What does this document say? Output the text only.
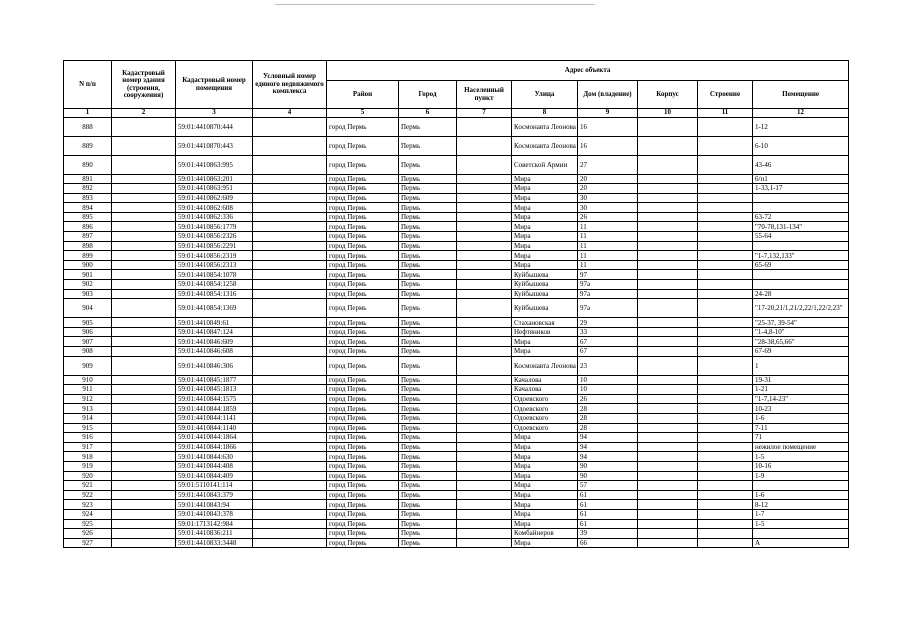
N п/п	Кадастровый номер здания (строения, сооружения)	Кадастровый номер помещения	Условный номер единого недвижимого комплекса	Адрес объекта							
				Район	Город	Населенный пункт	Улица	Дом (владение)	Корпус	Строение	Помещение
1	2	3	4	5	6	7	8	9	10	11	12
888		59:01:4410870:444		город Пермь	Пермь		Космонавта Леонова	16			1-12
889		59:01:4410870:443		город Пермь	Пермь		Космонавта Леонова	16			6-10
890		59:01:4410863:995		город Пермь	Пермь		Советской Армии	27			43-46
891		59:01:4410863:201		город Пермь	Пермь		Мира	20			6/п1
892		59:01:4410863:951		город Пермь	Пермь		Мира	20			1-33,1-17
893		59:01:4410862:609		город Пермь	Пермь		Мира	30			
894		59:01:4410862:608		город Пермь	Пермь		Мира	30			
895		59:01:4410862:336		город Пермь	Пермь		Мира	26			63-72
896		59:01:4410856:1779		город Пермь	Пермь		Мира	11			"70-78,131-134"
897		59:01:4410856:2326		город Пермь	Пермь		Мира	11			55-64
898		59:01:4410856:2291		город Пермь	Пермь		Мира	11			
899		59:01:4410856:2319		город Пермь	Пермь		Мира	11			"1-7,132,133"
900		59:01:4410856:2313		город Пермь	Пермь		Мира	11			65-69
901		59:01:4410854:1078		город Пермь	Пермь		Куйбышева	97			
902		59:01:4410854:1258		город Пермь	Пермь		Куйбышева	97а			
903		59:01:4410854:1316		город Пермь	Пермь		Куйбышева	97а			24-28
904		59:01:4410854:1369		город Пермь	Пермь		Куйбышева	97а			"17-20,21/1,21/2,22/1,22/2,23"
905		59:01:4410849:61		город Пермь	Пермь		Стахановская	29			"25-37, 39-54"
906		59:01:4410847:124		город Пермь	Пермь		Нефтяников	33			"1-4,8-10"
907		59:01:4410846:609		город Пермь	Пермь		Мира	67			"28-38,65,66"
908		59:01:4410846:608		город Пермь	Пермь		Мира	67			67-69
909		59:01:4410846:306		город Пермь	Пермь		Космонавта Леонова	23			1
910		59:01:4410845:1877		город Пермь	Пермь		Качалова	10			19-31
911		59:01:4410845:1813		город Пермь	Пермь		Качалова	10			1-21
912		59:01:4410844:1575		город Пермь	Пермь		Одоевского	26			"1-7,14-23"
913		59:01:4410844:1859		город Пермь	Пермь		Одоевского	28			10-23
914		59:01:4410844:1141		город Пермь	Пермь		Одоевского	28			1-6
915		59:01:4410844:1140		город Пермь	Пермь		Одоевского	28			7-11
916		59:01:4410844:1864		город Пермь	Пермь		Мира	94			71
917		59:01:4410844:1866		город Пермь	Пермь		Мира	94			нежилое помещение
918		59:01:4410844:630		город Пермь	Пермь		Мира	94			1-5
919		59:01:4410844:408		город Пермь	Пермь		Мира	90			10-16
920		59:01:4410844:409		город Пермь	Пермь		Мира	90			1-9
921		59:01:5110141:114		город Пермь	Пермь		Мира	57			
922		59:01:4410843:379		город Пермь	Пермь		Мира	61			1-6
923		59:01:4410843:94		город Пермь	Пермь		Мира	61			8-12
924		59:01:4410843:378		город Пермь	Пермь		Мира	61			1-7
925		59:01:1713142:984		город Пермь	Пермь		Мира	61			1-5
926		59:01:4410836:211		город Пермь	Пермь		Комбайнеров	39			
927		59:01:4410833:3448		город Пермь	Пермь		Мира	66			А
